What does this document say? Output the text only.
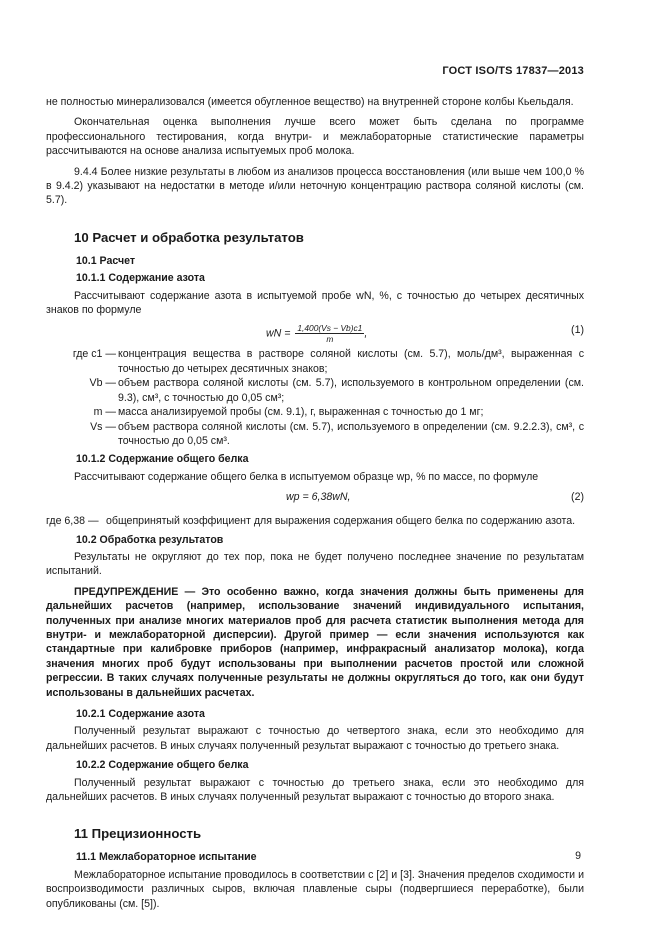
ГОСТ ISO/TS 17837—2013

не полностью минерализовался (имеется обугленное вещество) на внутренней стороне колбы Кьельдаля.

Окончательная оценка выполнения лучше всего может быть сделана по программе профессионального тестирования, когда внутри- и межлабораторные статистические параметры рассчитываются на основе анализа испытуемых проб молока.

9.4.4 Более низкие результаты в любом из анализов процесса восстановления (или выше чем 100,0 % в 9.4.2) указывают на недостатки в методе и/или неточную концентрацию раствора соляной кислоты (см. 5.7).

10 Расчет и обработка результатов
10.1 Расчет
10.1.1 Содержание азота

Рассчитывают содержание азота в испытуемой пробе wN, %, с точностью до четырех десятичных знаков по формуле

wN = $\frac{1,400(Vs - Vb)c1}{m}$ ,	(1)
где c1 — концентрация вещества в растворе соляной кислоты (см. 5.7), моль/дм³, выраженная с точностью до четырех десятичных знаков;
Vb — объем раствора соляной кислоты (см. 5.7), используемого в контрольном определении (см. 9.3), см³, с точностью до 0,05 см³;
m — масса анализируемой пробы (см. 9.1), г, выраженная с точностью до 1 мг;
Vs — объем раствора соляной кислоты (см. 5.7), используемого в определении (см. 9.2.2.3), см³, с точностью до 0,05 см³.
10.1.2 Содержание общего белка

Рассчитывают содержание общего белка в испытуемом образце wp, % по массе, по формуле

wp = 6,38wN,	(2)
где 6,38 — общепринятый коэффициент для выражения содержания общего белка по содержанию азота.
10.2 Обработка результатов

Результаты не округляют до тех пор, пока не будет получено последнее значение по результатам испытаний.

ПРЕДУПРЕЖДЕНИЕ — Это особенно важно, когда значения должны быть применены для дальнейших расчетов (например, использование значений индивидуального испытания, полученных при анализе многих материалов проб для расчета статистик выполнения метода для внутри- и межлабораторной дисперсии). Другой пример — если значения используются как стандартные при калибровке приборов (например, инфракрасный анализатор молока), когда значения многих проб будут использованы при выполнении расчетов простой или сложной регрессии. В таких случаях полученные результаты не должны округляться до того, как они будут использованы в дальнейших расчетах.

10.2.1 Содержание азота

Полученный результат выражают с точностью до четвертого знака, если это необходимо для дальнейших расчетов. В иных случаях полученный результат выражают с точностью до третьего знака.

10.2.2 Содержание общего белка

Полученный результат выражают с точностью до третьего знака, если это необходимо для дальнейших расчетов. В иных случаях полученный результат выражают с точностью до второго знака.

11 Прецизионность
11.1 Межлабораторное испытание

Межлабораторное испытание проводилось в соответствии с [2] и [3]. Значения пределов сходимости и воспроизводимости различных сыров, включая плавленые сыры (подвергшиеся переработке), были опубликованы (см. [5]).

9
